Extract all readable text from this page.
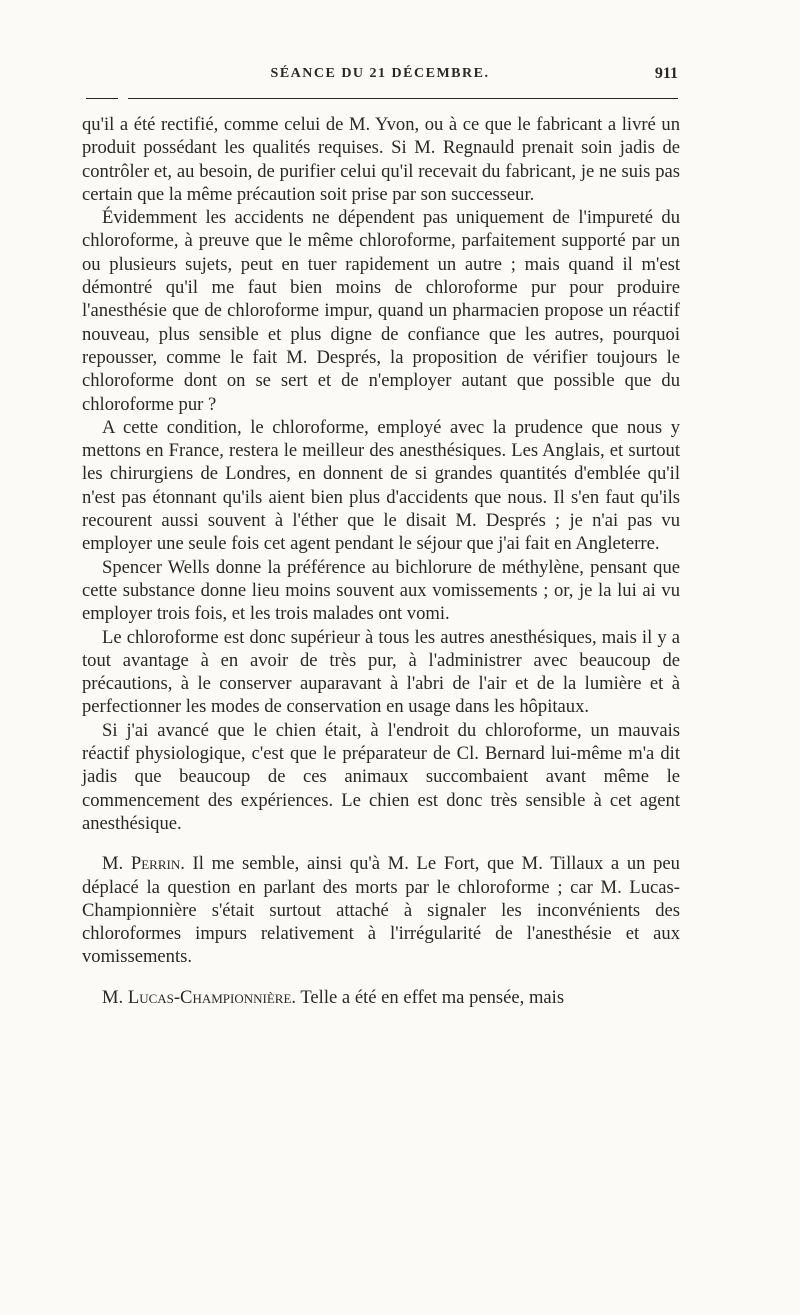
SÉANCE DU 21 DÉCEMBRE.	911

qu'il a été rectifié, comme celui de M. Yvon, ou à ce que le fabricant a livré un produit possédant les qualités requises. Si M. Regnauld prenait soin jadis de contrôler et, au besoin, de purifier celui qu'il recevait du fabricant, je ne suis pas certain que la même précaution soit prise par son successeur.

Évidemment les accidents ne dépendent pas uniquement de l'impureté du chloroforme, à preuve que le même chloroforme, parfaitement supporté par un ou plusieurs sujets, peut en tuer rapidement un autre ; mais quand il m'est démontré qu'il me faut bien moins de chloroforme pur pour produire l'anesthésie que de chloroforme impur, quand un pharmacien propose un réactif nouveau, plus sensible et plus digne de confiance que les autres, pourquoi repousser, comme le fait M. Després, la proposition de vérifier toujours le chloroforme dont on se sert et de n'employer autant que possible que du chloroforme pur ?

A cette condition, le chloroforme, employé avec la prudence que nous y mettons en France, restera le meilleur des anesthésiques. Les Anglais, et surtout les chirurgiens de Londres, en donnent de si grandes quantités d'emblée qu'il n'est pas étonnant qu'ils aient bien plus d'accidents que nous. Il s'en faut qu'ils recourent aussi souvent à l'éther que le disait M. Després ; je n'ai pas vu employer une seule fois cet agent pendant le séjour que j'ai fait en Angleterre.

Spencer Wells donne la préférence au bichlorure de méthylène, pensant que cette substance donne lieu moins souvent aux vomissements ; or, je la lui ai vu employer trois fois, et les trois malades ont vomi.

Le chloroforme est donc supérieur à tous les autres anesthésiques, mais il y a tout avantage à en avoir de très pur, à l'administrer avec beaucoup de précautions, à le conserver auparavant à l'abri de l'air et de la lumière et à perfectionner les modes de conservation en usage dans les hôpitaux.

Si j'ai avancé que le chien était, à l'endroit du chloroforme, un mauvais réactif physiologique, c'est que le préparateur de Cl. Bernard lui-même m'a dit jadis que beaucoup de ces animaux succombaient avant même le commencement des expériences. Le chien est donc très sensible à cet agent anesthésique.

M. Perrin. Il me semble, ainsi qu'à M. Le Fort, que M. Tillaux a un peu déplacé la question en parlant des morts par le chloroforme ; car M. Lucas-Championnière s'était surtout attaché à signaler les inconvénients des chloroformes impurs relativement à l'irrégularité de l'anesthésie et aux vomissements.

M. Lucas-Championnière. Telle a été en effet ma pensée, mais
